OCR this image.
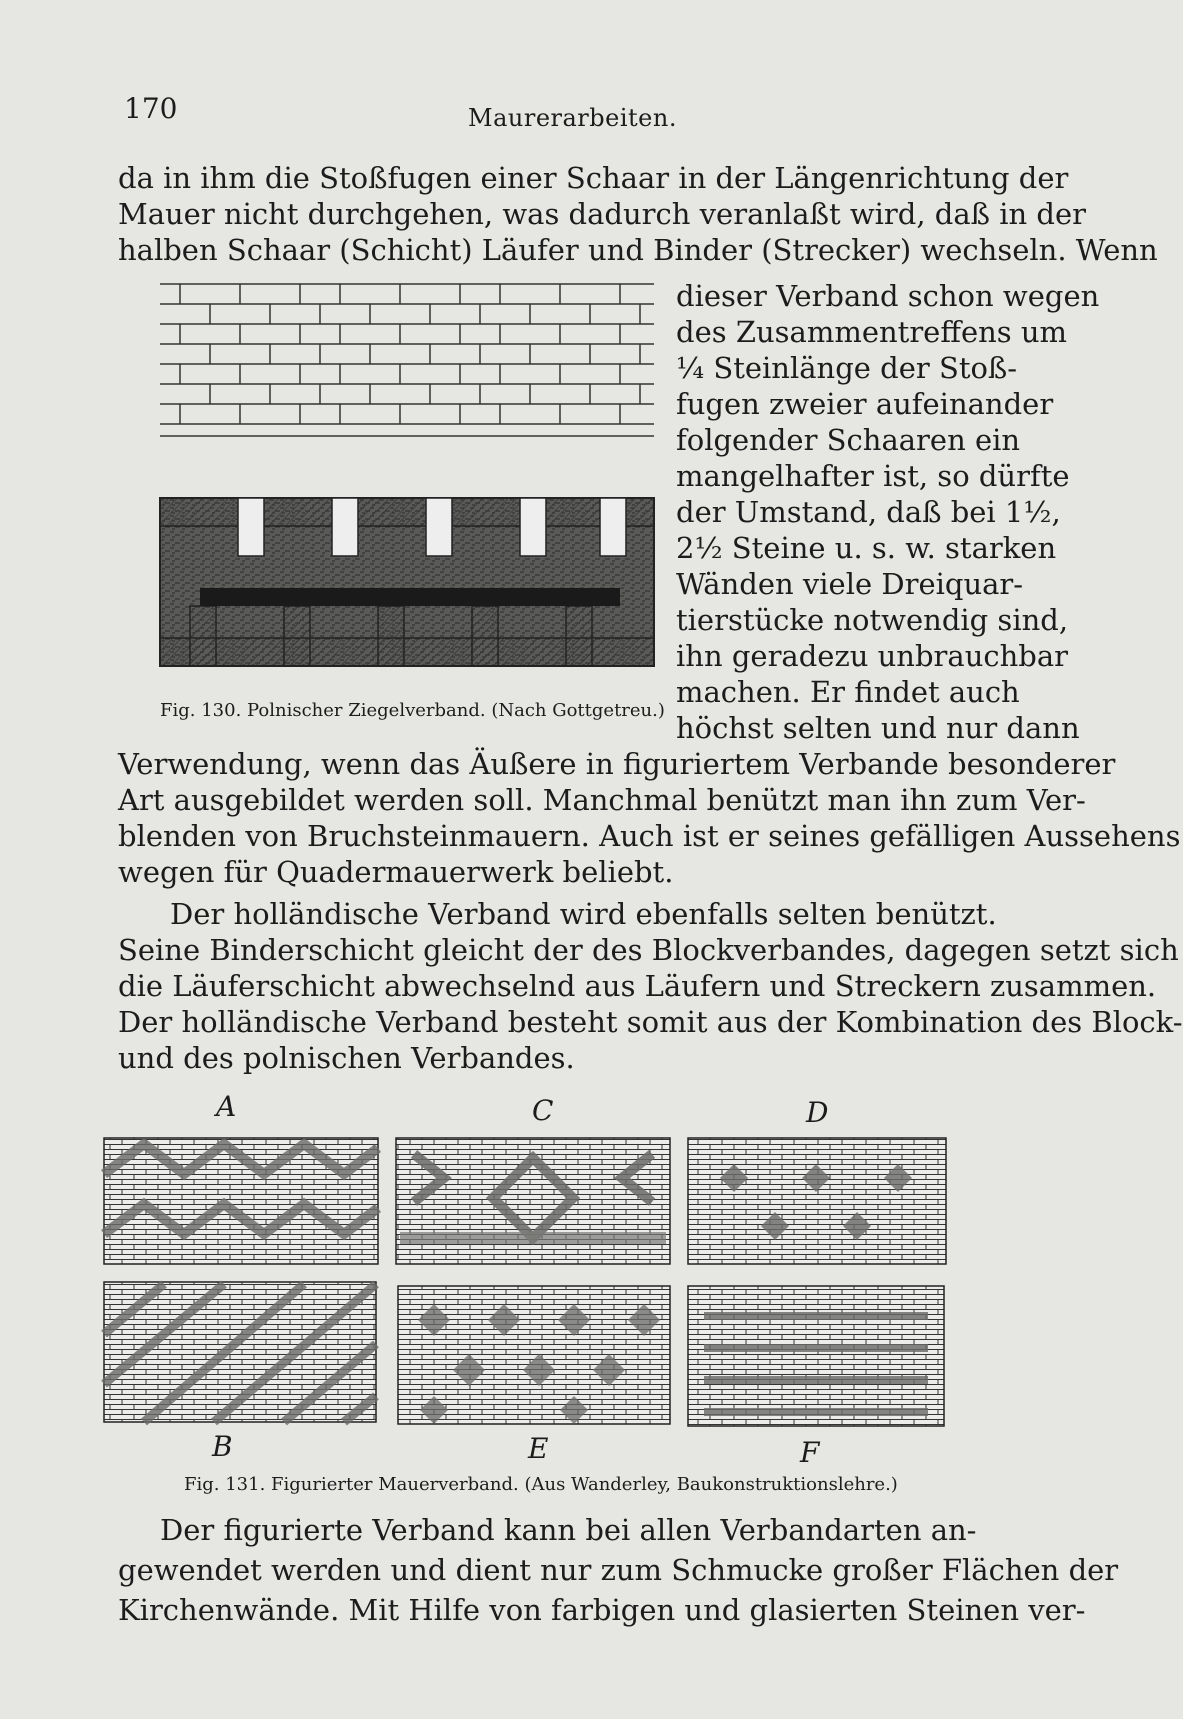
170	Maurerarbeiten.
da in ihm die Stoßfugen einer Schaar in der Längenrichtung der
Mauer nicht durchgehen, was dadurch veranlaßt wird, daß in der
halben Schaar (Schicht) Läufer und Binder (Strecker) wechseln. Wenn
Fig. 130. Polnischer Ziegelverband. (Nach Gottgetreu.)
dieser Verband schon wegen
des Zusammentreffens um
¼ Steinlänge der Stoß-
fugen zweier aufeinander
folgender Schaaren ein
mangelhafter ist, so dürfte
der Umstand, daß bei 1½,
2½ Steine u. s. w. starken
Wänden viele Dreiquar-
tierstücke notwendig sind,
ihn geradezu unbrauchbar
machen. Er findet auch
höchst selten und nur dann
Verwendung, wenn das Äußere in figuriertem Verbande besonderer
Art ausgebildet werden soll. Manchmal benützt man ihn zum Ver-
blenden von Bruchsteinmauern. Auch ist er seines gefälligen Aussehens
wegen für Quadermauerwerk beliebt.
Der holländische Verband wird ebenfalls selten benützt.
Seine Binderschicht gleicht der des Blockverbandes, dagegen setzt sich
die Läuferschicht abwechselnd aus Läufern und Streckern zusammen.
Der holländische Verband besteht somit aus der Kombination des Block-
und des polnischen Verbandes.
A	C	D
B	E	F
Fig. 131. Figurierter Mauerverband. (Aus Wanderley, Baukonstruktionslehre.)
Der figurierte Verband kann bei allen Verbandarten an-
gewendet werden und dient nur zum Schmucke großer Flächen der
Kirchenwände. Mit Hilfe von farbigen und glasierten Steinen ver-
